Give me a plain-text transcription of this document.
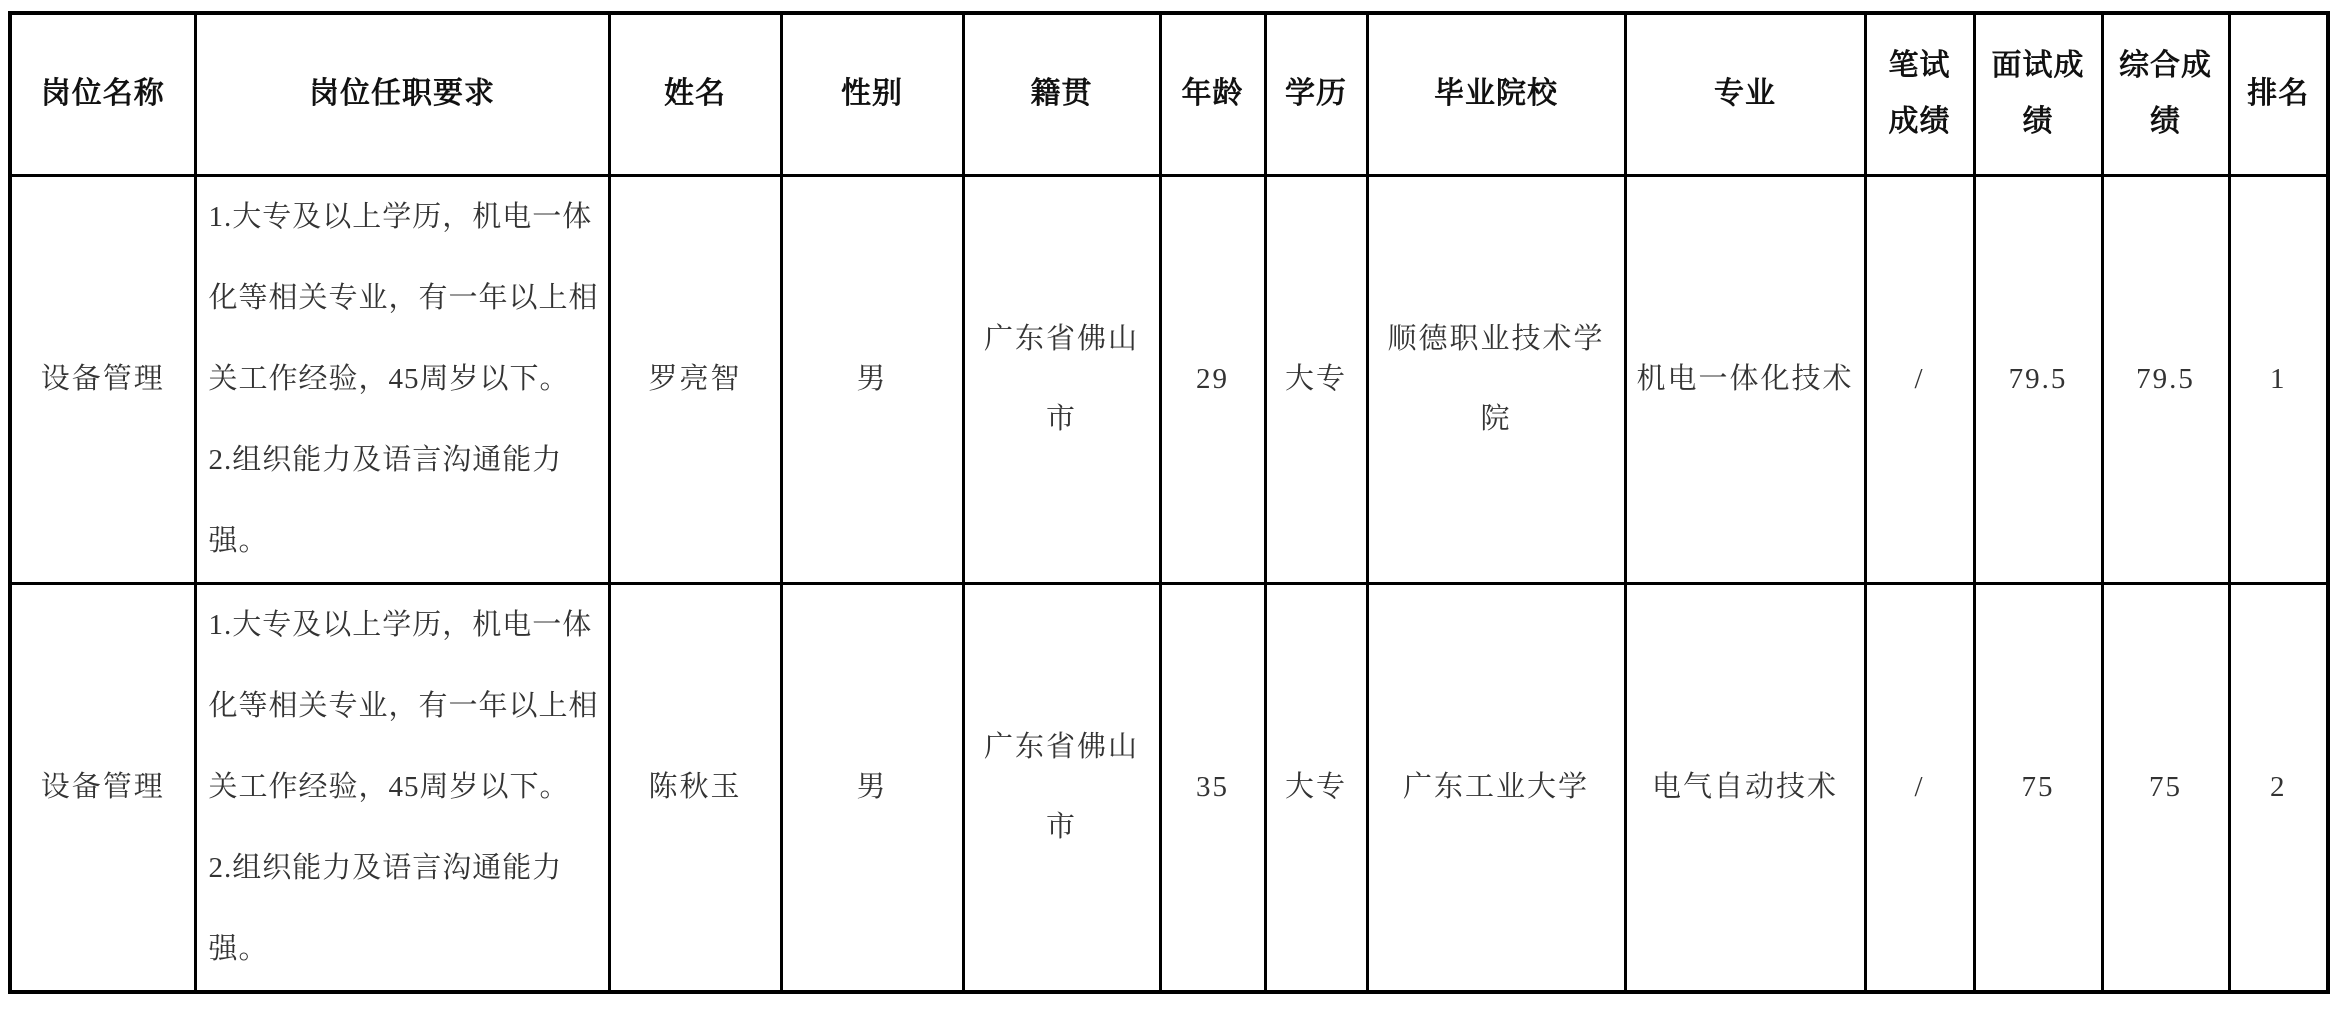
岗位名称	岗位任职要求	姓名	性别	籍贯	年龄	学历	毕业院校	专业	笔试成绩	面试成绩	综合成绩	排名
设备管理	1.大专及以上学历，机电一体
化等相关专业，有一年以上相
关工作经验，45周岁以下。
2.组织能力及语言沟通能力
强。	罗亮智	男	广东省佛山市	29	大专	顺德职业技术学院	机电一体化技术	/	79.5	79.5	1
设备管理	1.大专及以上学历，机电一体
化等相关专业，有一年以上相
关工作经验，45周岁以下。
2.组织能力及语言沟通能力
强。	陈秋玉	男	广东省佛山市	35	大专	广东工业大学	电气自动技术	/	75	75	2
